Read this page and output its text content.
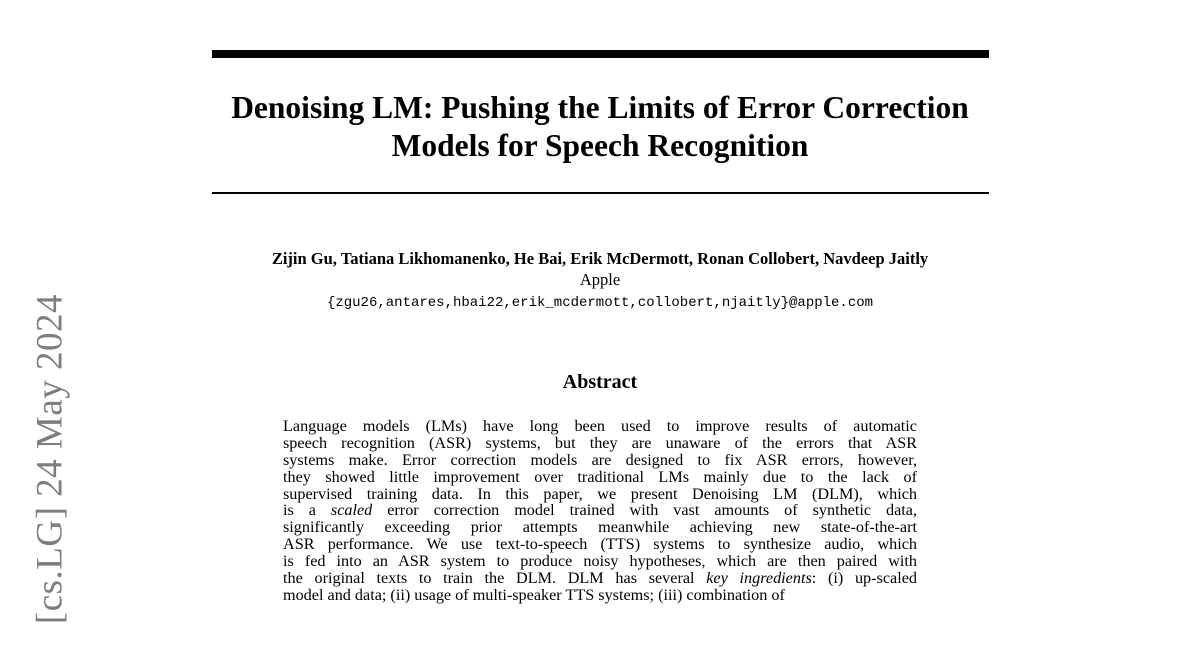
[cs.LG] 24 May 2024
Denoising LM: Pushing the Limits of Error Correction
Models for Speech Recognition
Zijin Gu, Tatiana Likhomanenko, He Bai, Erik McDermott, Ronan Collobert, Navdeep Jaitly
Apple
{zgu26,antares,hbai22,erik_mcdermott,collobert,njaitly}@apple.com
Abstract
Language models (LMs) have long been used to improve results of automatic
speech recognition (ASR) systems, but they are unaware of the errors that ASR
systems make. Error correction models are designed to fix ASR errors, however,
they showed little improvement over traditional LMs mainly due to the lack of
supervised training data. In this paper, we present Denoising LM (DLM), which
is a scaled error correction model trained with vast amounts of synthetic data,
significantly exceeding prior attempts meanwhile achieving new state-of-the-art
ASR performance. We use text-to-speech (TTS) systems to synthesize audio, which
is fed into an ASR system to produce noisy hypotheses, which are then paired with
the original texts to train the DLM. DLM has several key ingredients: (i) up-scaled
model and data; (ii) usage of multi-speaker TTS systems; (iii) combination of
